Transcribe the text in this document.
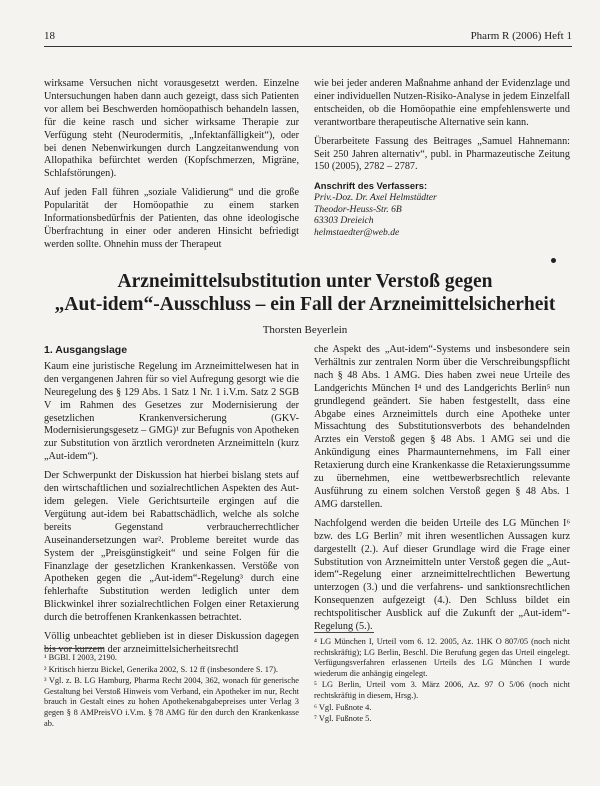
18	Pharm R (2006) Heft 1

wirksame Versuchen nicht vorausgesetzt werden. Einzelne Untersuchungen haben dann auch gezeigt, dass sich Patienten vor allem bei Beschwerden homöopathisch behandeln lassen, für die keine rasch und sicher wirksame Therapie zur Verfügung steht (Neurodermitis, „Infektanfälligkeit“), oder bei denen Nebenwirkungen durch Langzeitanwendung von Allopathika befürchtet werden (Kopfschmerzen, Migräne, Schlafstörungen).

Auf jeden Fall führen „soziale Validierung“ und die große Popularität der Homöopathie zu einem starken Informationsbedürfnis der Patienten, das ohne ideologische Überfrachtung in einer oder anderen Hinsicht befriedigt werden sollte. Ohnehin muss der Therapeut

wie bei jeder anderen Maßnahme anhand der Evidenzlage und einer individuellen Nutzen-Risiko-Analyse in jedem Einzelfall entscheiden, ob die Homöopathie eine empfehlenswerte und verantwortbare therapeutische Alternative sein kann.

Überarbeitete Fassung des Beitrages „Samuel Hahnemann: Seit 250 Jahren alternativ“, publ. in Pharmazeutische Zeitung 150 (2005), 2782 – 2787.

Anschrift des Verfassers:
Priv.-Doz. Dr. Axel Helmstädter
Theodor-Heuss-Str. 6B
63303 Dreieich
helmstaedter@web.de
Arzneimittelsubstitution unter Verstoß gegen
„Aut-idem“-Ausschluss – ein Fall der Arzneimittelsicherheit
Thorsten Beyerlein
1. Ausgangslage

Kaum eine juristische Regelung im Arzneimittelwesen hat in den vergangenen Jahren für so viel Aufregung gesorgt wie die Neuregelung des § 129 Abs. 1 Satz 1 Nr. 1 i.V.m. Satz 2 SGB V im Rahmen des Gesetzes zur Modernisierung der gesetzlichen Krankenversicherung (GKV-Modernisierungsgesetz – GMG)¹ zur Befugnis von Apotheken zur Substitution von ärztlich verordneten Arzneimitteln (kurz „Aut-idem“).

Der Schwerpunkt der Diskussion hat hierbei bislang stets auf den wirtschaftlichen und sozialrechtlichen Aspekten des Aut-idem gelegen. Viele Gerichtsurteile ergingen auf die Vergütung aut-idem bei Rabattschädlich, welche als solche bereits Gegenstand verbraucherrechtlicher Auseinandersetzungen war². Probleme bereitet wurde das System der „Preisgünstigkeit“ und seine Folgen für die Finanzlage der gesetzlichen Krankenkassen. Verstöße von Apotheken gegen die „Aut-idem“-Regelung³ durch eine fehlerhafte Substitution werden lediglich unter dem Blickwinkel ihrer sozialrechtlichen Folgen einer Retaxierung durch die betroffenen Krankenkassen betrachtet.

Völlig unbeachtet geblieben ist in dieser Diskussion dagegen bis vor kurzem der arzneimittelsicherheitsrechtl

che Aspekt des „Aut-idem“-Systems und insbesondere sein Verhältnis zur zentralen Norm über die Verschreibungspflicht nach § 48 Abs. 1 AMG. Dies haben zwei neue Urteile des Landgerichts München I⁴ und des Landgerichts Berlin⁵ nun grundlegend geändert. Sie haben festgestellt, dass eine Abgabe eines Arzneimittels durch eine Apotheke unter Missachtung des Substitutionsverbots des behandelnden Arztes ein Verstoß gegen § 48 Abs. 1 AMG sei und die Ankündigung eines Pharmaunternehmens, im Fall einer Retaxierung durch eine Krankenkasse die Retaxierungssumme zu übernehmen, eine wettbewerbsrechtlich relevante Ausführung zu einem solchen Verstoß gegen § 48 Abs. 1 AMG darstellen.

Nachfolgend werden die beiden Urteile des LG München I⁶ bzw. des LG Berlin⁷ mit ihren wesentlichen Aussagen kurz dargestellt (2.). Auf dieser Grundlage wird die Frage einer Substitution von Arzneimitteln unter Verstoß gegen die „Aut-idem“-Regelung einer arzneimittelrechtlichen Bewertung unterzogen (3.) und die verfahrens- und sanktionsrechtlichen Konsequenzen aufgezeigt (4.). Den Schluss bildet ein rechtspolitischer Ausblick auf die Zukunft der „Aut-idem“-Regelung (5.).

¹ BGBl. I 2003, 2190.
² Kritisch hierzu Bickel, Generika 2002, S. 12 ff (insbesondere S. 17).
³ Vgl. z. B. LG Hamburg, Pharma Recht 2004, 362, wonach für generische Gestaltung bei Verstoß Hinweis vom Verband, ein Apotheker im nur, Recht brauch in Gestalt eines zu hohen Apothekenabgabepreises unter Verlag 3 gegen § 8 AMPreisVO i.V.m. § 78 AMG für den durch den Krankenkasse ab.
⁴ LG München I, Urteil vom 6. 12. 2005, Az. 1HK O 807/05 (noch nicht rechtskräftig); LG Berlin, Beschl. Die Berufung gegen das Urteil eingelegt. Verfügungsverfahren erlassenen Urteils des LG München I wurde wiederum die anhängig eingelegt.
⁵ LG Berlin, Urteil vom 3. März 2006, Az. 97 O 5/06 (noch nicht rechtskräftig in diesem, Hrsg.).
⁶ Vgl. Fußnote 4.
⁷ Vgl. Fußnote 5.
